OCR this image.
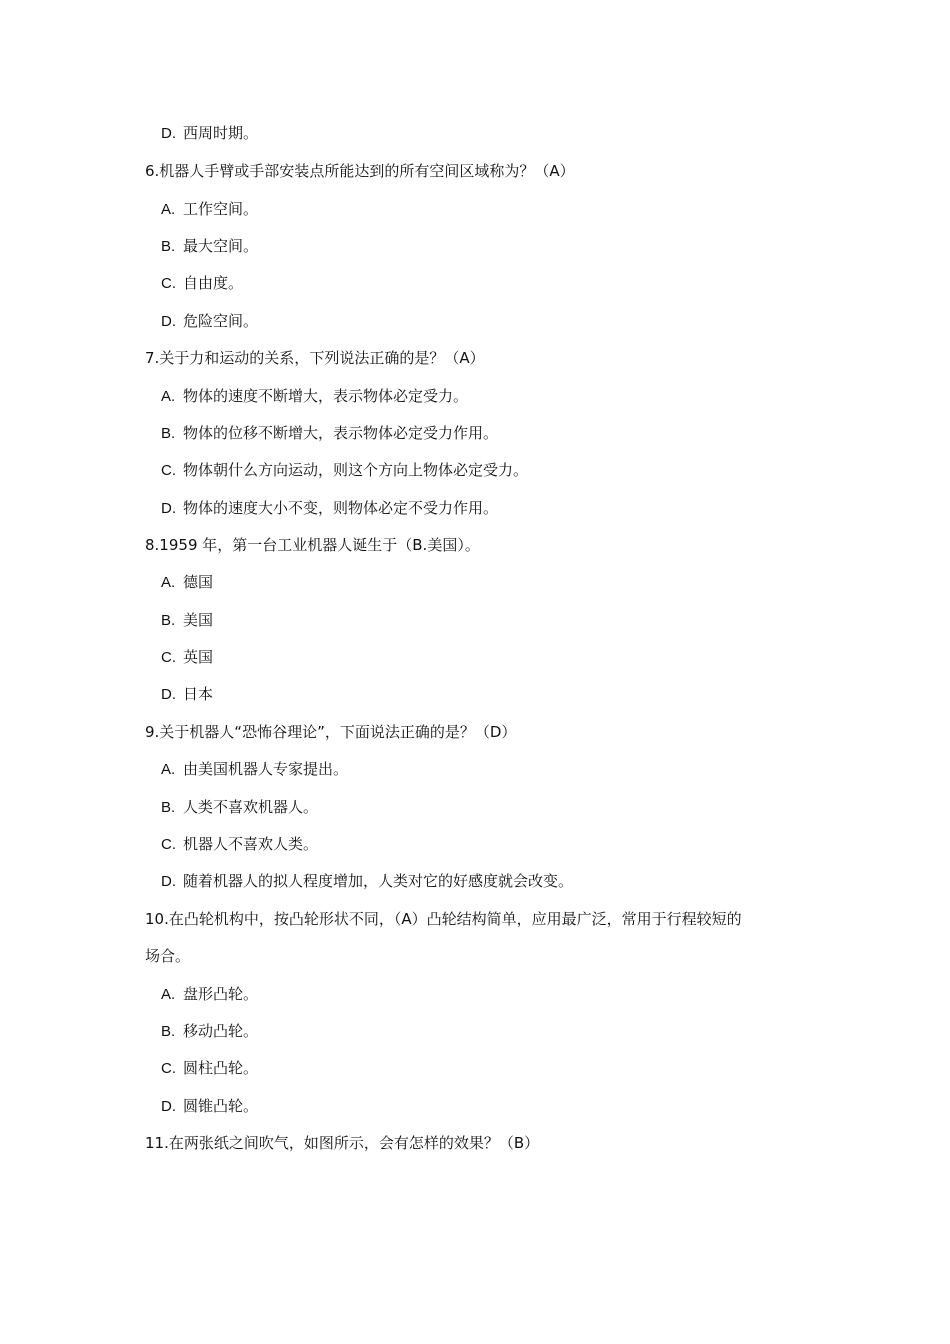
D. 西周时期。
6.机器人手臂或手部安装点所能达到的所有空间区域称为？（A）
A. 工作空间。
B. 最大空间。
C. 自由度。
D. 危险空间。
7.关于力和运动的关系，下列说法正确的是？（A）
A. 物体的速度不断增大，表示物体必定受力。
B. 物体的位移不断增大，表示物体必定受力作用。
C. 物体朝什么方向运动，则这个方向上物体必定受力。
D. 物体的速度大小不变，则物体必定不受力作用。
8.1959 年，第一台工业机器人诞生于（B.美国）。
A. 德国
B. 美国
C. 英国
D. 日本
9.关于机器人“恐怖谷理论”，下面说法正确的是？（D）
A. 由美国机器人专家提出。
B. 人类不喜欢机器人。
C. 机器人不喜欢人类。
D. 随着机器人的拟人程度增加，人类对它的好感度就会改变。
10.在凸轮机构中，按凸轮形状不同，（A）凸轮结构简单，应用最广泛，常用于行程较短的
场合。
A. 盘形凸轮。
B. 移动凸轮。
C. 圆柱凸轮。
D. 圆锥凸轮。
11.在两张纸之间吹气，如图所示，会有怎样的效果？（B）
